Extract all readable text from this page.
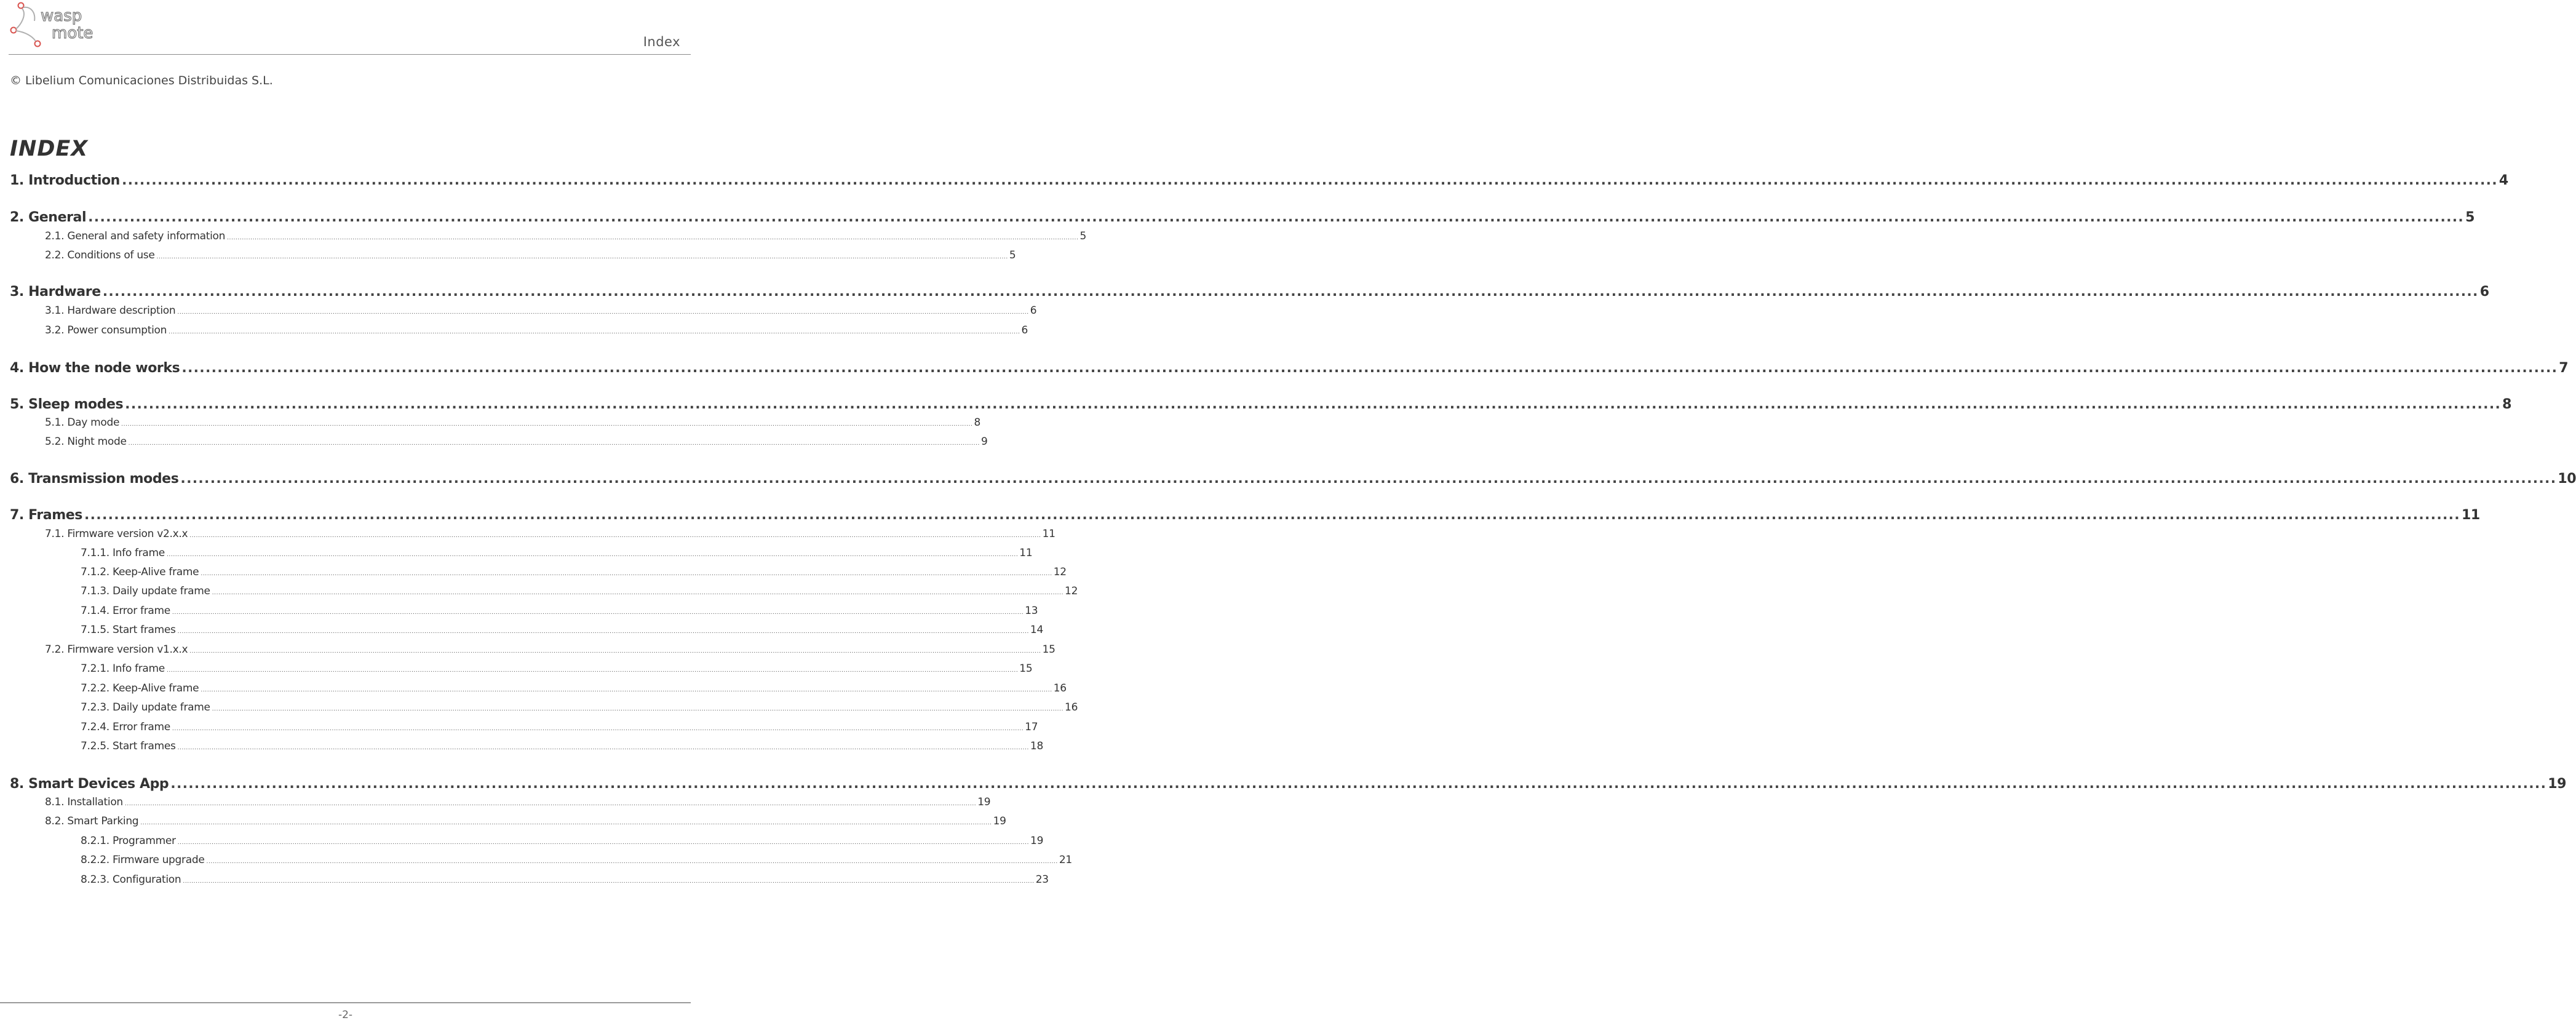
wasp
mote	Index
© Libelium Comunicaciones Distribuidas S.L.
INDEX
1. Introduction ................................................................................................................................................................................................................................................................................................................................................................................................................ 4
2. General ................................................................................................................................................................................................................................................................................................................................................................................................................ 5
2.1. General and safety information ................................................................................................................................................................................................................................................................................................................................................................................................................ 5
2.2. Conditions of use ................................................................................................................................................................................................................................................................................................................................................................................................................ 5
3. Hardware ................................................................................................................................................................................................................................................................................................................................................................................................................ 6
3.1. Hardware description ................................................................................................................................................................................................................................................................................................................................................................................................................ 6
3.2. Power consumption ................................................................................................................................................................................................................................................................................................................................................................................................................ 6
4. How the node works ................................................................................................................................................................................................................................................................................................................................................................................................................ 7
5. Sleep modes ................................................................................................................................................................................................................................................................................................................................................................................................................ 8
5.1. Day mode ................................................................................................................................................................................................................................................................................................................................................................................................................ 8
5.2. Night mode ................................................................................................................................................................................................................................................................................................................................................................................................................ 9
6. Transmission modes ................................................................................................................................................................................................................................................................................................................................................................................................................ 10
7. Frames ................................................................................................................................................................................................................................................................................................................................................................................................................ 11
7.1. Firmware version v2.x.x ................................................................................................................................................................................................................................................................................................................................................................................................................ 11
7.1.1. Info frame ................................................................................................................................................................................................................................................................................................................................................................................................................ 11
7.1.2. Keep-Alive frame ................................................................................................................................................................................................................................................................................................................................................................................................................ 12
7.1.3. Daily update frame ................................................................................................................................................................................................................................................................................................................................................................................................................ 12
7.1.4. Error frame ................................................................................................................................................................................................................................................................................................................................................................................................................ 13
7.1.5. Start frames ................................................................................................................................................................................................................................................................................................................................................................................................................ 14
7.2. Firmware version v1.x.x ................................................................................................................................................................................................................................................................................................................................................................................................................ 15
7.2.1. Info frame ................................................................................................................................................................................................................................................................................................................................................................................................................ 15
7.2.2. Keep-Alive frame ................................................................................................................................................................................................................................................................................................................................................................................................................ 16
7.2.3. Daily update frame ................................................................................................................................................................................................................................................................................................................................................................................................................ 16
7.2.4. Error frame ................................................................................................................................................................................................................................................................................................................................................................................................................ 17
7.2.5. Start frames ................................................................................................................................................................................................................................................................................................................................................................................................................ 18
8. Smart Devices App ................................................................................................................................................................................................................................................................................................................................................................................................................ 19
8.1. Installation ................................................................................................................................................................................................................................................................................................................................................................................................................ 19
8.2. Smart Parking ................................................................................................................................................................................................................................................................................................................................................................................................................ 19
8.2.1. Programmer ................................................................................................................................................................................................................................................................................................................................................................................................................ 19
8.2.2. Firmware upgrade ................................................................................................................................................................................................................................................................................................................................................................................................................ 21
8.2.3. Configuration ................................................................................................................................................................................................................................................................................................................................................................................................................ 23
-2-
